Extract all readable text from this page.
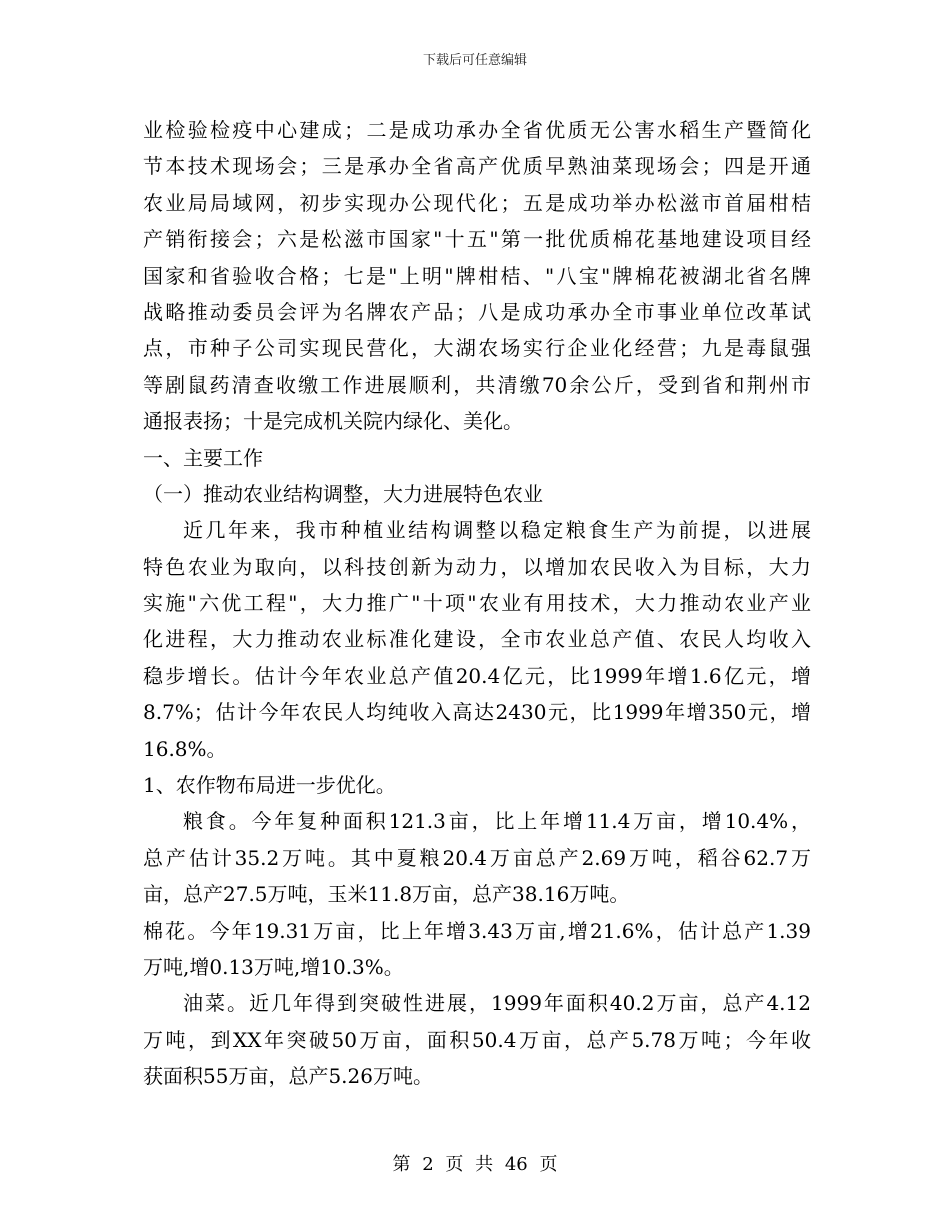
下载后可任意编辑
业检验检疫中心建成；二是成功承办全省优质无公害水稻生产暨简化
节本技术现场会；三是承办全省高产优质早熟油菜现场会；四是开通
农业局局域网，初步实现办公现代化；五是成功举办松滋市首届柑桔
产销衔接会；六是松滋市国家"十五"第一批优质棉花基地建设项目经
国家和省验收合格；七是"上明"牌柑桔、"八宝"牌棉花被湖北省名牌
战略推动委员会评为名牌农产品；八是成功承办全市事业单位改革试
点，市种子公司实现民营化，大湖农场实行企业化经营；九是毒鼠强
等剧鼠药清查收缴工作进展顺利，共清缴70余公斤，受到省和荆州市
通报表扬；十是完成机关院内绿化、美化。
一、主要工作
（一）推动农业结构调整，大力进展特色农业
近几年来，我市种植业结构调整以稳定粮食生产为前提，以进展
特色农业为取向，以科技创新为动力，以增加农民收入为目标，大力
实施"六优工程"，大力推广"十项"农业有用技术，大力推动农业产业
化进程，大力推动农业标准化建设，全市农业总产值、农民人均收入
稳步增长。估计今年农业总产值20.4亿元，比1999年增1.6亿元，增
8.7%；估计今年农民人均纯收入高达2430元，比1999年增350元，增
16.8%。
1、农作物布局进一步优化。
粮食。今年复种面积121.3亩，比上年增11.4万亩，增10.4%，
总产估计35.2万吨。其中夏粮20.4万亩总产2.69万吨，稻谷62.7万
亩，总产27.5万吨，玉米11.8万亩，总产38.16万吨。
棉花。今年19.31万亩，比上年增3.43万亩,增21.6%，估计总产1.39
万吨,增0.13万吨,增10.3%。
油菜。近几年得到突破性进展，1999年面积40.2万亩，总产4.12
万吨，到XX年突破50万亩，面积50.4万亩，总产5.78万吨；今年收
获面积55万亩，总产5.26万吨。
第 2 页 共 46 页
